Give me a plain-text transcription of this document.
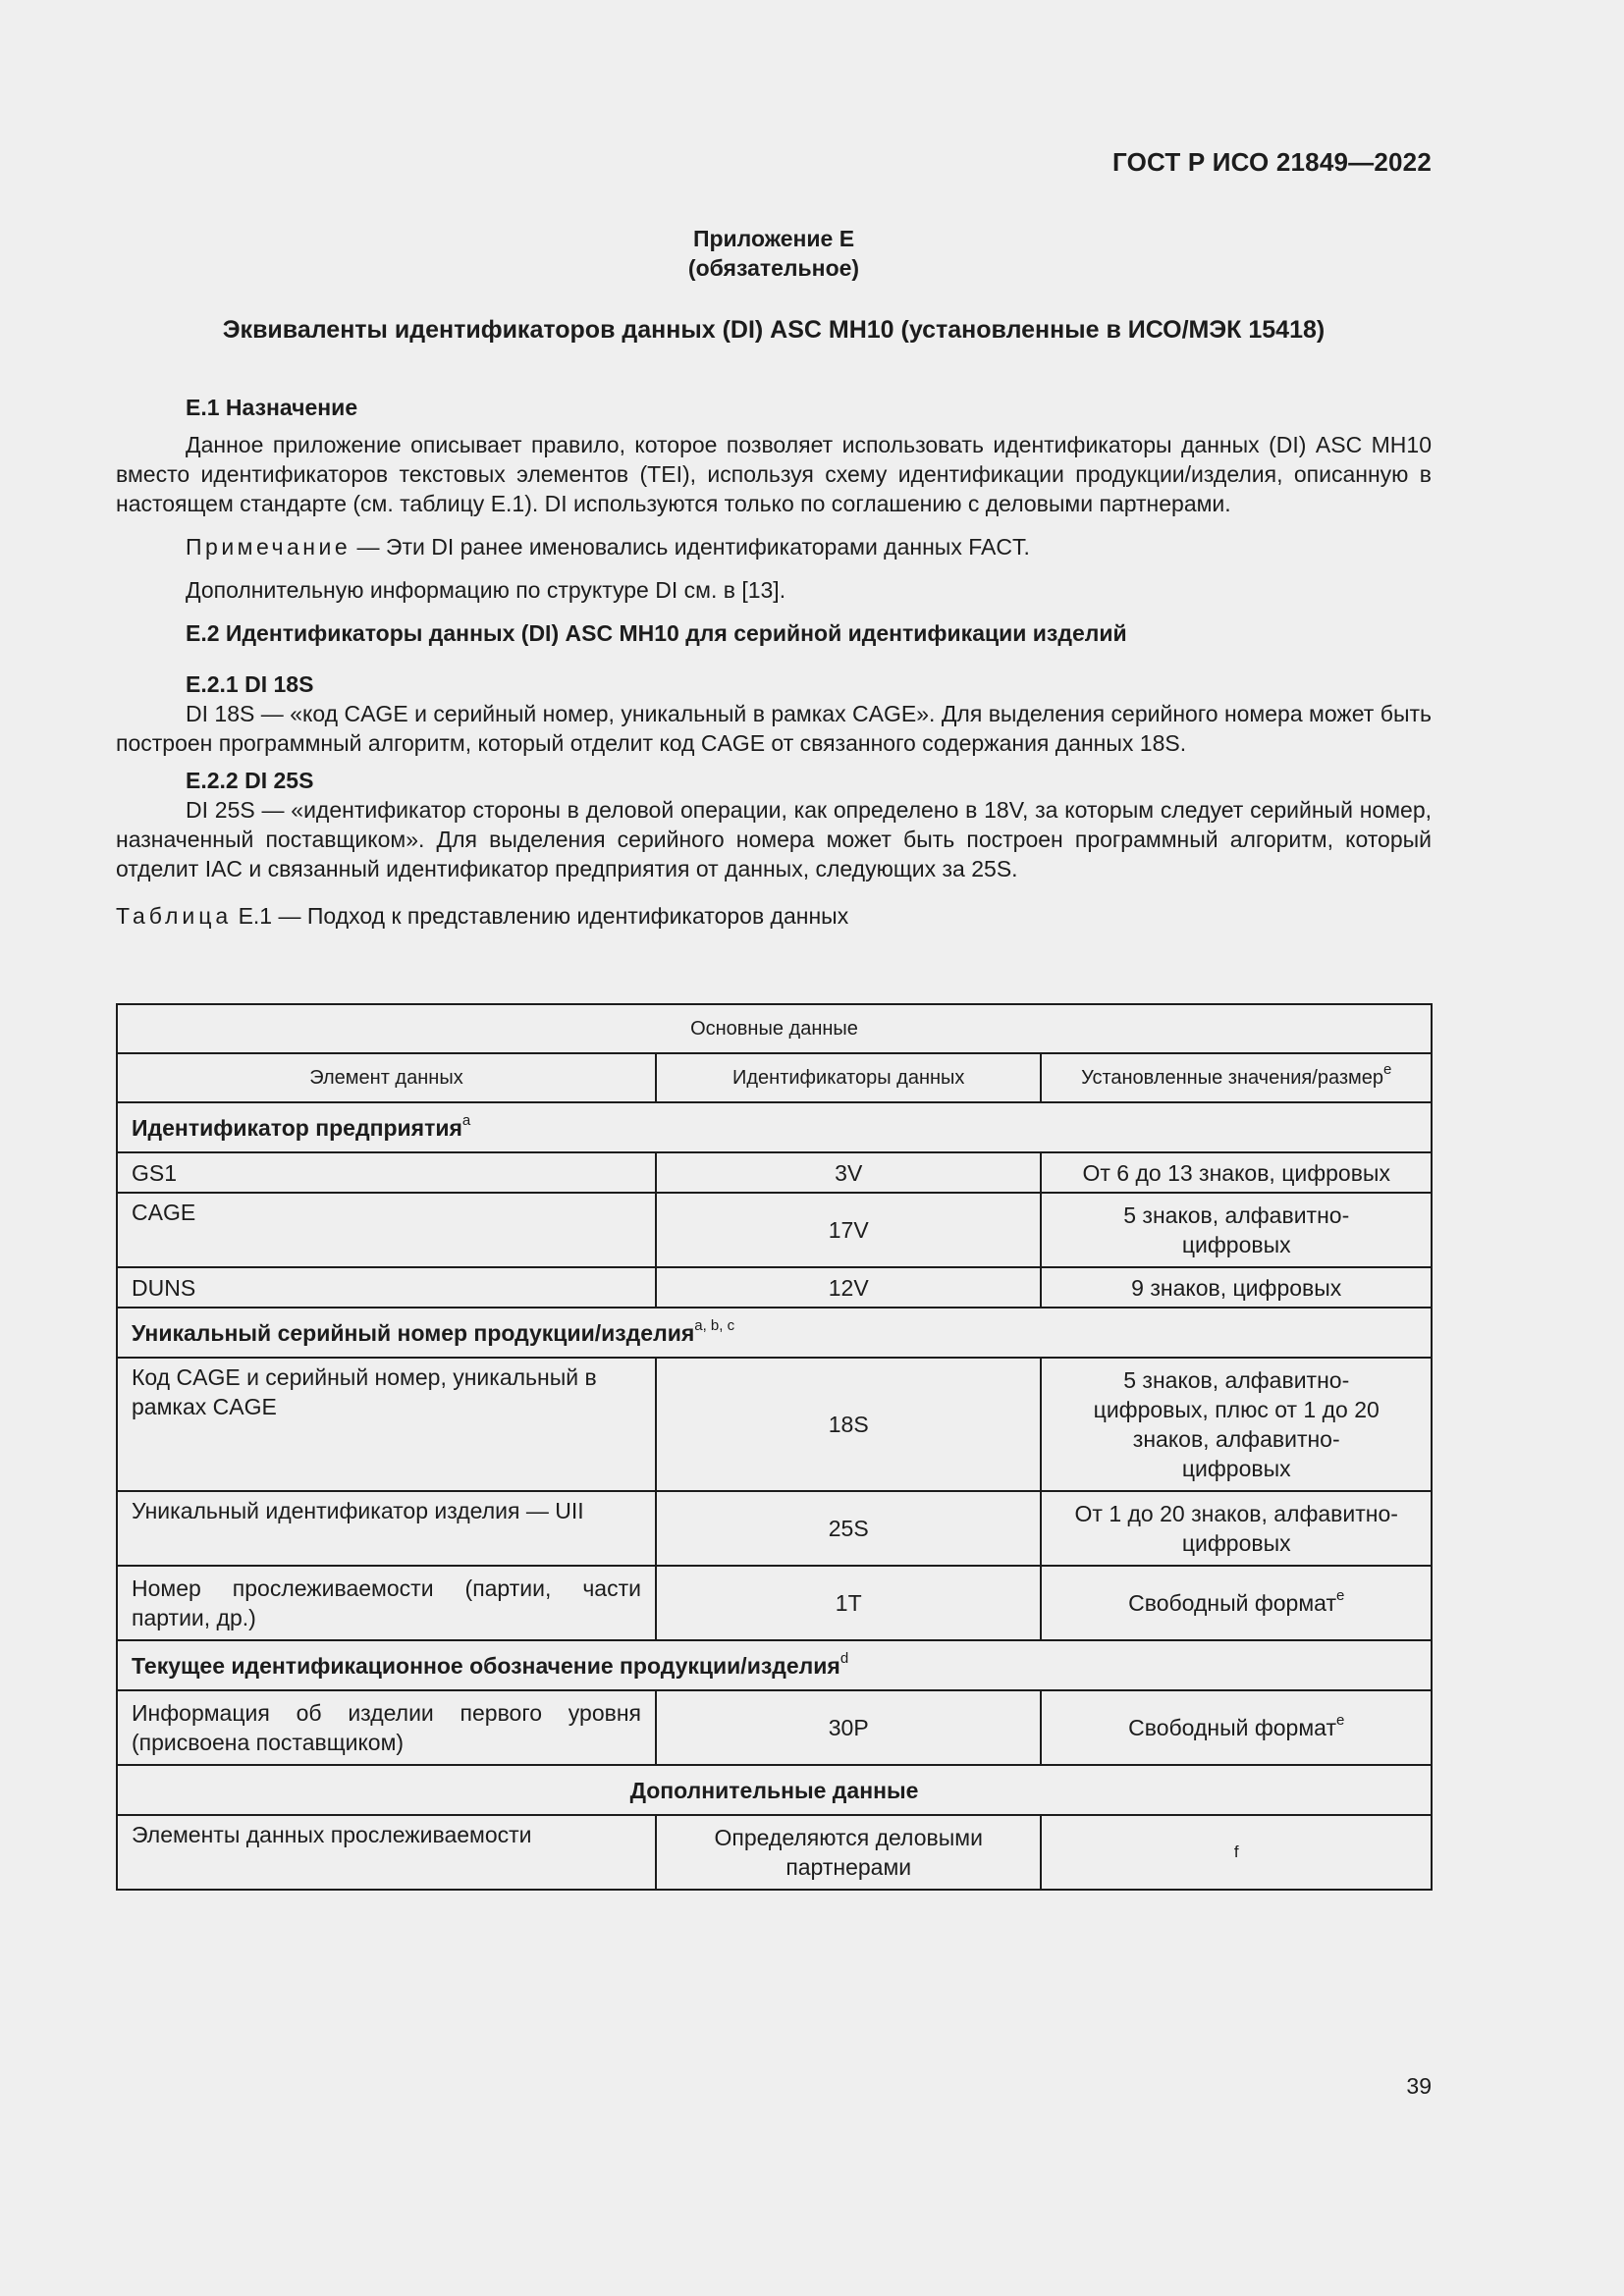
ГОСТ Р ИСО 21849—2022
Приложение Е
(обязательное)
Эквиваленты идентификаторов данных (DI) ASC MH10 (установленные в ИСО/МЭК 15418)

Е.1 Назначение

Данное приложение описывает правило, которое позволяет использовать идентификаторы данных (DI) ASC MH10 вместо идентификаторов текстовых элементов (TEI), используя схему идентификации продукции/изделия, описанную в настоящем стандарте (см. таблицу Е.1). DI используются только по соглашению с деловыми партнерами.

Примечание — Эти DI ранее именовались идентификаторами данных FACT.

Дополнительную информацию по структуре DI см. в [13].

Е.2 Идентификаторы данных (DI) ASC MH10 для серийной идентификации изделий

Е.2.1 DI 18S

DI 18S — «код CAGE и серийный номер, уникальный в рамках CAGE». Для выделения серийного номера может быть построен программный алгоритм, который отделит код CAGE от связанного содержания данных 18S.

Е.2.2 DI 25S

DI 25S — «идентификатор стороны в деловой операции, как определено в 18V, за которым следует серийный номер, назначенный поставщиком». Для выделения серийного номера может быть построен программный алгоритм, который отделит IAC и связанный идентификатор предприятия от данных, следующих за 25S.

Таблица Е.1 — Подход к представлению идентификаторов данных

Основные данные		
Элемент данных	Идентификаторы данных	Установленные значения/размер$^e$
Идентификатор предприятия$^a$
GS1	3V	От 6 до 13 знаков, цифровых
CAGE	17V	5 знаков, алфавитно-цифровых
DUNS	12V	9 знаков, цифровых
Уникальный серийный номер продукции/изделия$^{a, b, c}$
Код CAGE и серийный номер, уникальный в рамках CAGE	18S	5 знаков, алфавитно-цифровых, плюс от 1 до 20 знаков, алфавитно-цифровых
Уникальный идентификатор изделия — UII	25S	От 1 до 20 знаков, алфавитно-цифровых
Номер прослеживаемости (партии, части партии, др.)	1T	Свободный формат$^e$
Текущее идентификационное обозначение продукции/изделия$^d$
Информация об изделии первого уровня (присвоена поставщиком)	30P	Свободный формат$^e$
Дополнительные данные		
Элементы данных прослеживаемости	Определяются деловыми партнерами	f
39
